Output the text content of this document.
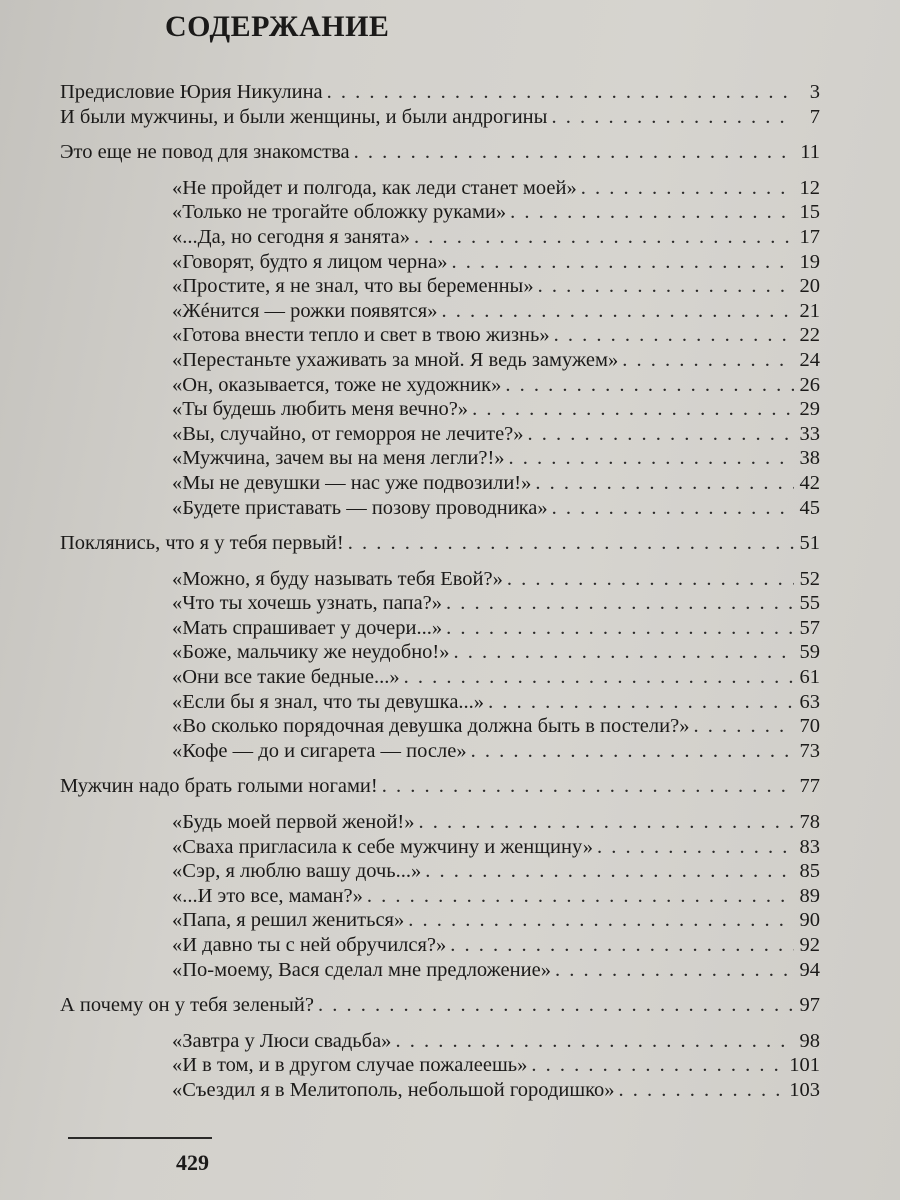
СОДЕРЖАНИЕ
Предисловие Юрия Никулина . . .	3
И были мужчины, и были женщины, и были андрогины . . .	7
Это еще не повод для знакомства . . .	11
«Не пройдет и полгода, как леди станет моей» . . .	12
«Только не трогайте обложку руками» . . .	15
«...Да, но сегодня я занята» . . .	17
«Говорят, будто я лицом черна» . . .	19
«Простите, я не знал, что вы беременны» . . .	20
«Жéнится — рожки появятся» . . .	21
«Готова внести тепло и свет в твою жизнь» . . .	22
«Перестаньте ухаживать за мной. Я ведь замужем» . . .	24
«Он, оказывается, тоже не художник» . . .	26
«Ты будешь любить меня вечно?» . . .	29
«Вы, случайно, от геморроя не лечите?» . . .	33
«Мужчина, зачем вы на меня легли?!» . . .	38
«Мы не девушки — нас уже подвозили!» . . .	42
«Будете приставать — позову проводника» . . .	45
Поклянись, что я у тебя первый! . . .	51
«Можно, я буду называть тебя Евой?» . . .	52
«Что ты хочешь узнать, папа?» . . .	55
«Мать спрашивает у дочери...» . . .	57
«Боже, мальчику же неудобно!» . . .	59
«Они все такие бедные...» . . .	61
«Если бы я знал, что ты девушка...» . . .	63
«Во сколько порядочная девушка должна быть в постели?» . . .	70
«Кофе — до и сигарета — после» . . .	73
Мужчин надо брать голыми ногами! . . .	77
«Будь моей первой женой!» . . .	78
«Сваха пригласила к себе мужчину и женщину» . . .	83
«Сэр, я люблю вашу дочь...» . . .	85
«...И это все, маман?» . . .	89
«Папа, я решил жениться» . . .	90
«И давно ты с ней обручился?» . . .	92
«По-моему, Вася сделал мне предложение» . . .	94
А почему он у тебя зеленый? . . .	97
«Завтра у Люси свадьба» . . .	98
«И в том, и в другом случае пожалеешь» . . .	101
«Съездил я в Мелитополь, небольшой городишко» . . .	103
429
